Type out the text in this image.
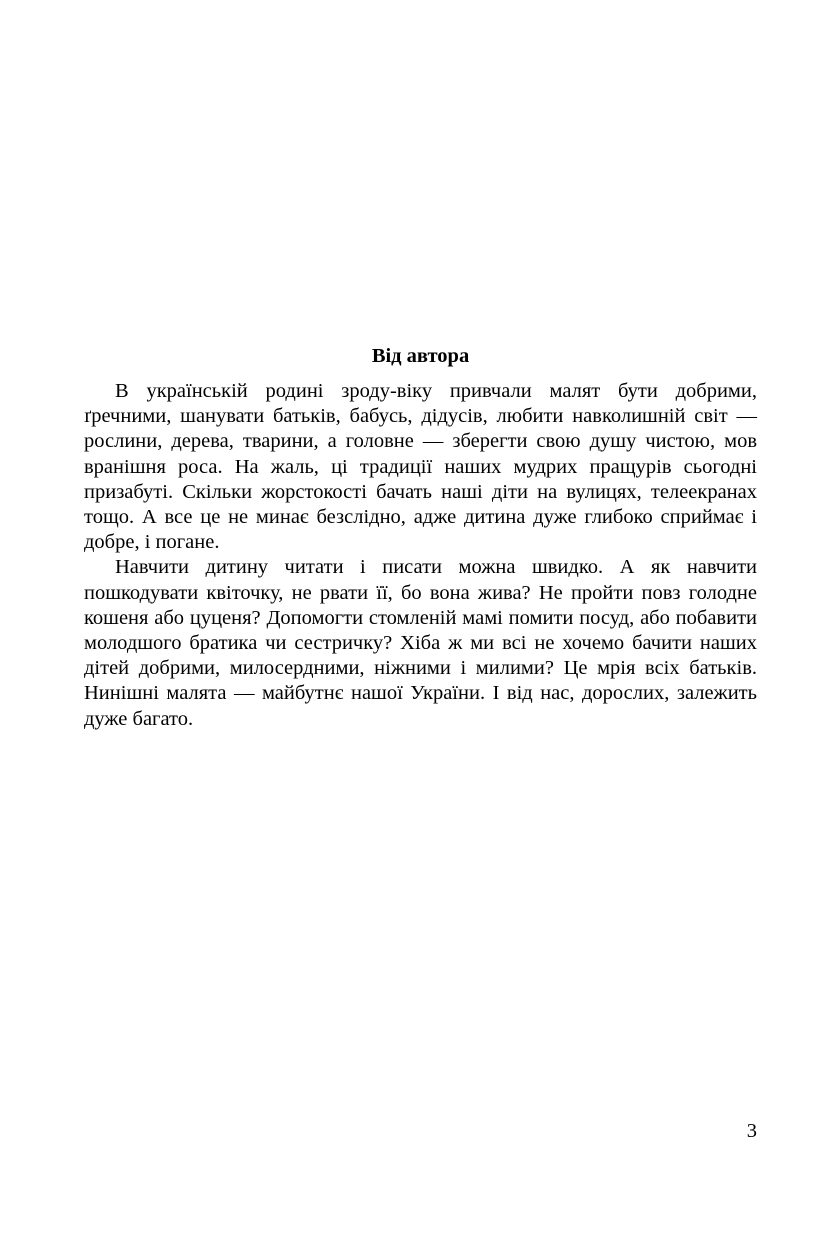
Від автора

В українській родині зроду-віку привчали малят бути добрими, ґречними, шанувати батьків, бабусь, дідусів, любити навколишній світ — рослини, дерева, тварини, а головне — зберегти свою душу чистою, мов вранішня роса. На жаль, ці традиції наших мудрих пращурів сьогодні призабуті. Скільки жорстокості бачать наші діти на вулицях, телеекранах тощо. А все це не минає безслідно, адже дитина дуже глибоко сприймає і добре, і погане.

Навчити дитину читати і писати можна швидко. А як навчити пошкодувати квіточку, не рвати її, бо вона жива? Не пройти повз голодне кошеня або цуценя? Допомогти стомленій мамі помити посуд, або побавити молодшого братика чи сестричку? Хіба ж ми всі не хочемо бачити наших дітей добрими, милосердними, ніжними і милими? Це мрія всіх батьків. Нинішні малята — майбутнє нашої України. І від нас, дорослих, залежить дуже багато.

3
